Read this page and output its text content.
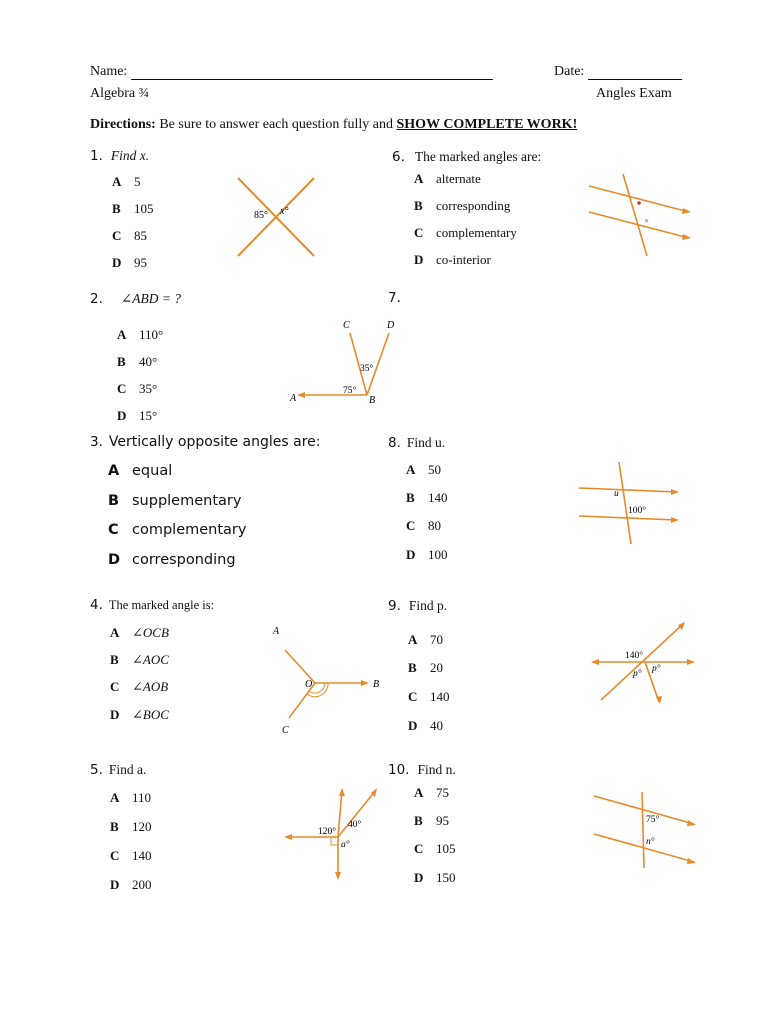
Name:	Date:
Algebra ¾	Angles Exam
Directions: Be sure to answer each question fully and SHOW COMPLETE WORK!
1. Find x.
A 5
B 105
C 85
D 95
85° x°
2. ∠ABD = ?
A 110°
B 40°
C 35°
D 15°
C	D
35°
75°
A	B
3. Vertically opposite angles are:
A equal
B supplementary
C complementary
D corresponding
4. The marked angle is:
A ∠OCB
B ∠AOC
C ∠AOB
D ∠BOC
A
O	B
C
5. Find a.
A 110
B 120
C 140
D 200
120°
40°
a°
6. The marked angles are:
A alternate
B corresponding
C complementary
D co-interior
×
7.
8. Find u.
A 50
B 140
C 80
D 100
u
100°
9. Find p.
A 70
B 20
C 140
D 40
140°
p° p°
10. Find n.
A 75
B 95
C 105
D 150
75°
n°
